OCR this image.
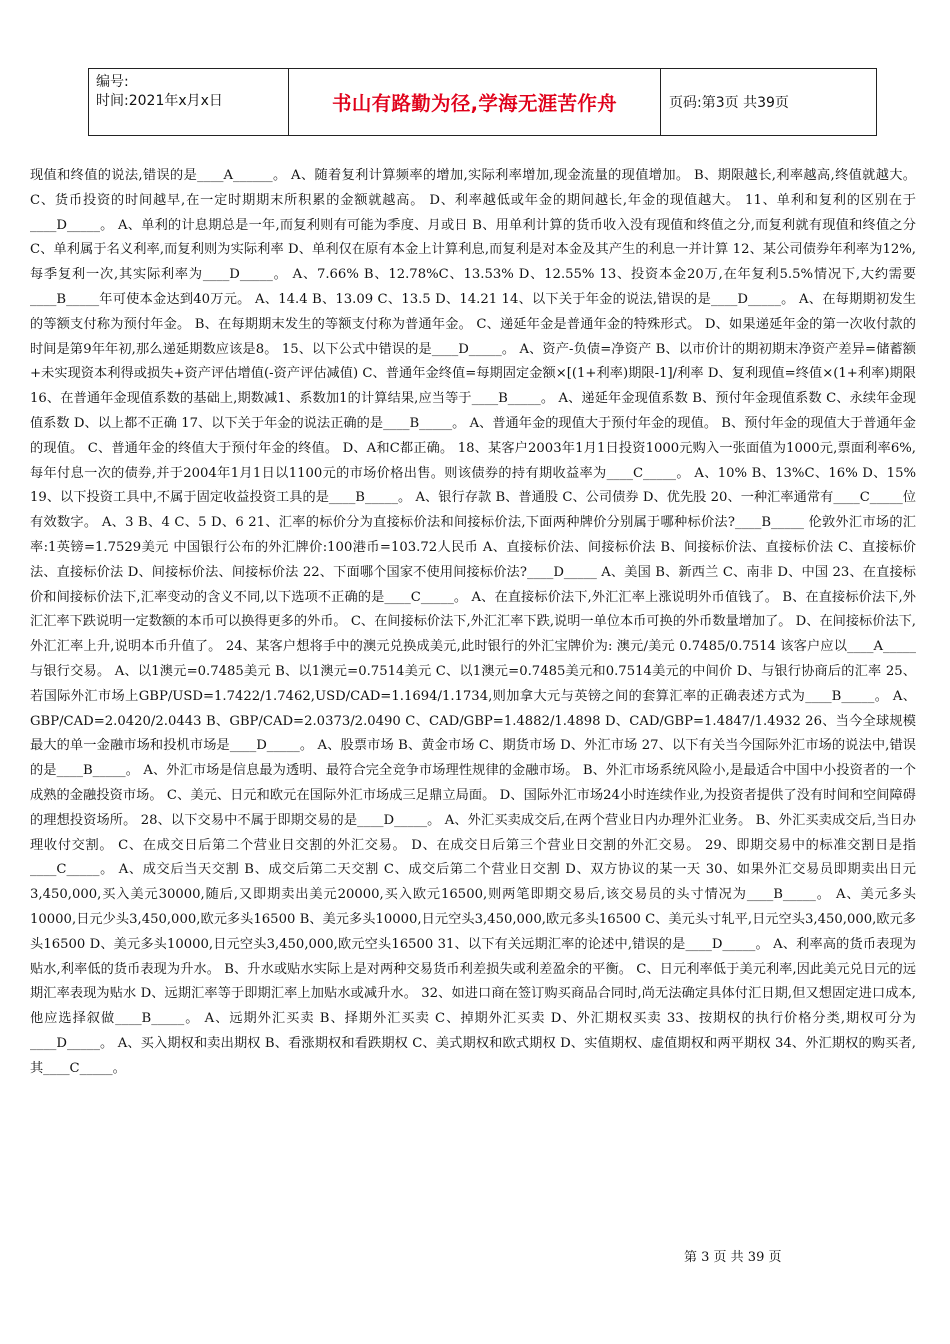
编号:
时间:2021年x月x日	书山有路勤为径,学海无涯苦作舟	页码:第3页 共39页
现值和终值的说法,错误的是____A______。 A、随着复利计算频率的增加,实际利率增加,现金流量的现值增加。 B、期限越长,利率越高,终值就越大。 C、货币投资的时间越早,在一定时期期末所积累的金额就越高。 D、利率越低或年金的期间越长,年金的现值越大。 11、单利和复利的区别在于____D_____。 A、单利的计息期总是一年,而复利则有可能为季度、月或日 B、用单利计算的货币收入没有现值和终值之分,而复利就有现值和终值之分 C、单利属于名义利率,而复利则为实际利率 D、单利仅在原有本金上计算利息,而复利是对本金及其产生的利息一并计算 12、某公司债券年利率为12%,每季复利一次,其实际利率为____D_____。 A、7.66% B、12.78%C、13.53% D、12.55% 13、投资本金20万,在年复利5.5%情况下,大约需要____B_____年可使本金达到40万元。 A、14.4 B、13.09 C、13.5 D、14.21 14、以下关于年金的说法,错误的是____D_____。 A、在每期期初发生的等额支付称为预付年金。 B、在每期期末发生的等额支付称为普通年金。 C、递延年金是普通年金的特殊形式。 D、如果递延年金的第一次收付款的时间是第9年年初,那么递延期数应该是8。 15、以下公式中错误的是____D_____。 A、资产-负债=净资产 B、以市价计的期初期末净资产差异=储蓄额+未实现资本利得或损失+资产评估增值(-资产评估减值) C、普通年金终值=每期固定金额×[(1+利率)期限-1]/利率 D、复利现值=终值×(1+利率)期限 16、在普通年金现值系数的基础上,期数减1、系数加1的计算结果,应当等于____B_____。 A、递延年金现值系数 B、预付年金现值系数 C、永续年金现值系数 D、以上都不正确 17、以下关于年金的说法正确的是____B_____。 A、普通年金的现值大于预付年金的现值。 B、预付年金的现值大于普通年金的现值。 C、普通年金的终值大于预付年金的终值。 D、A和C都正确。 18、某客户2003年1月1日投资1000元购入一张面值为1000元,票面利率6%,每年付息一次的债券,并于2004年1月1日以1100元的市场价格出售。则该债券的持有期收益率为____C_____。 A、10% B、13%C、16% D、15% 19、以下投资工具中,不属于固定收益投资工具的是____B_____。 A、银行存款 B、普通股 C、公司债券 D、优先股 20、一种汇率通常有____C_____位有效数字。 A、3 B、4 C、5 D、6 21、汇率的标价分为直接标价法和间接标价法,下面两种牌价分别属于哪种标价法?____B_____ 伦敦外汇市场的汇率:1英镑=1.7529美元 中国银行公布的外汇牌价:100港币=103.72人民币 A、直接标价法、间接标价法 B、间接标价法、直接标价法 C、直接标价法、直接标价法 D、间接标价法、间接标价法 22、下面哪个国家不使用间接标价法?____D_____ A、美国 B、新西兰 C、南非 D、中国 23、在直接标价和间接标价法下,汇率变动的含义不同,以下选项不正确的是____C_____。 A、在直接标价法下,外汇汇率上涨说明外币值钱了。 B、在直接标价法下,外汇汇率下跌说明一定数额的本币可以换得更多的外币。 C、在间接标价法下,外汇汇率下跌,说明一单位本币可换的外币数量增加了。 D、在间接标价法下,外汇汇率上升,说明本币升值了。 24、某客户想将手中的澳元兑换成美元,此时银行的外汇宝牌价为: 澳元/美元 0.7485/0.7514 该客户应以____A_____与银行交易。 A、以1澳元=0.7485美元 B、以1澳元=0.7514美元 C、以1澳元=0.7485美元和0.7514美元的中间价 D、与银行协商后的汇率 25、若国际外汇市场上GBP/USD=1.7422/1.7462,USD/CAD=1.1694/1.1734,则加拿大元与英镑之间的套算汇率的正确表述方式为____B_____。 A、GBP/CAD=2.0420/2.0443 B、GBP/CAD=2.0373/2.0490 C、CAD/GBP=1.4882/1.4898 D、CAD/GBP=1.4847/1.4932 26、当今全球规模最大的单一金融市场和投机市场是____D_____。 A、股票市场 B、黄金市场 C、期货市场 D、外汇市场 27、以下有关当今国际外汇市场的说法中,错误的是____B_____。 A、外汇市场是信息最为透明、最符合完全竞争市场理性规律的金融市场。 B、外汇市场系统风险小,是最适合中国中小投资者的一个成熟的金融投资市场。 C、美元、日元和欧元在国际外汇市场成三足鼎立局面。 D、国际外汇市场24小时连续作业,为投资者提供了没有时间和空间障碍的理想投资场所。 28、以下交易中不属于即期交易的是____D_____。 A、外汇买卖成交后,在两个营业日内办理外汇业务。 B、外汇买卖成交后,当日办理收付交割。 C、在成交日后第二个营业日交割的外汇交易。 D、在成交日后第三个营业日交割的外汇交易。 29、即期交易中的标准交割日是指____C_____。 A、成交后当天交割 B、成交后第二天交割 C、成交后第二个营业日交割 D、双方协议的某一天 30、如果外汇交易员即期卖出日元3,450,000,买入美元30000,随后,又即期卖出美元20000,买入欧元16500,则两笔即期交易后,该交易员的头寸情况为____B_____。 A、美元多头10000,日元少头3,450,000,欧元多头16500 B、美元多头10000,日元空头3,450,000,欧元多头16500 C、美元头寸轧平,日元空头3,450,000,欧元多头16500 D、美元多头10000,日元空头3,450,000,欧元空头16500 31、以下有关远期汇率的论述中,错误的是____D_____。 A、利率高的货币表现为贴水,利率低的货币表现为升水。 B、升水或贴水实际上是对两种交易货币利差损失或利差盈余的平衡。 C、日元利率低于美元利率,因此美元兑日元的远期汇率表现为贴水 D、远期汇率等于即期汇率上加贴水或减升水。 32、如进口商在签订购买商品合同时,尚无法确定具体付汇日期,但又想固定进口成本,他应选择叙做____B_____。 A、远期外汇买卖 B、择期外汇买卖 C、掉期外汇买卖 D、外汇期权买卖 33、按期权的执行价格分类,期权可分为____D_____。 A、买入期权和卖出期权 B、看涨期权和看跌期权 C、美式期权和欧式期权 D、实值期权、虚值期权和两平期权 34、外汇期权的购买者,其____C_____。
第 3 页 共 39 页
